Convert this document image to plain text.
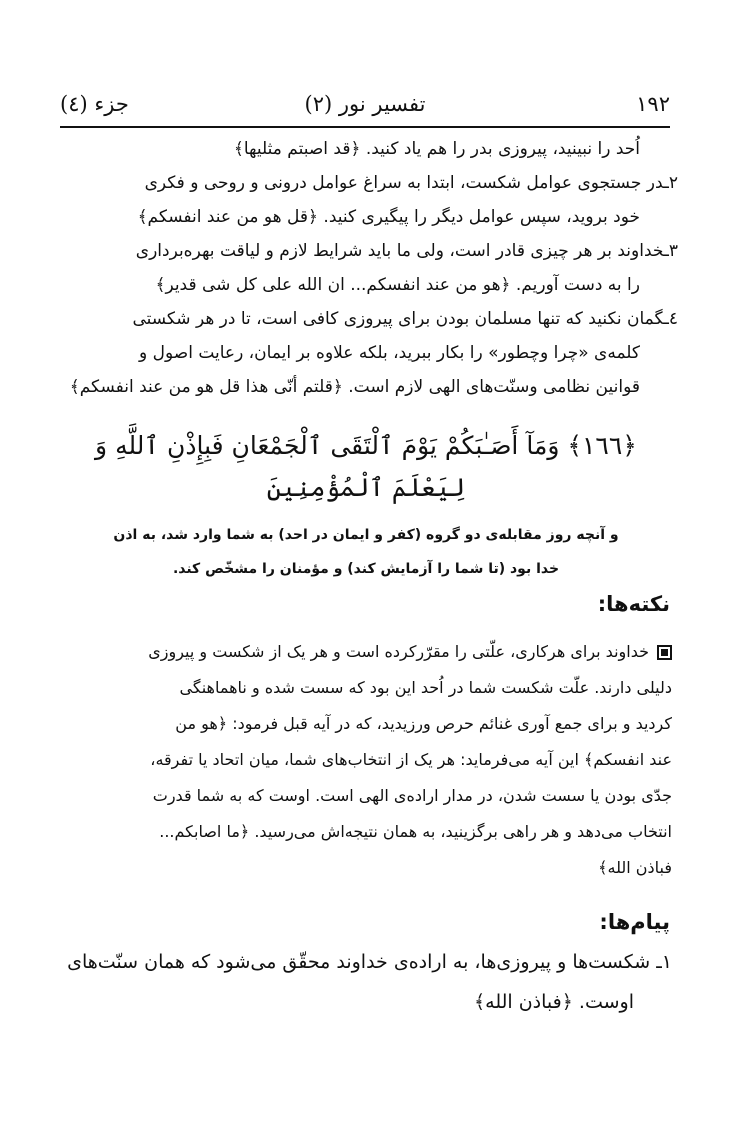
جزء (٤)	تفسیر نور (۲)	۱۹۲
اُحد را نبینید، پیروزی بدر را هم یاد کنید. ﴿قد اصبتم مثلیها﴾
۲ـدر جستجوی عوامل شکست، ابتدا به سراغ عوامل درونی و روحی و فکری
خود بروید، سپس عوامل دیگر را پیگیری کنید. ﴿قل هو من عند انفسکم﴾
۳ـخداوند بر هر چیزی قادر است، ولی ما باید شرایط لازم و لیاقت بهره‌برداری
را به دست آوریم. ﴿هو من عند انفسکم... ان الله علی کل شی قدیر﴾
٤ـگمان نکنید که تنها مسلمان بودن برای پیروزی کافی است، تا در هر شکستی
کلمه‌ی «چرا وچطور» را بکار ببرید، بلکه علاوه بر ایمان، رعایت اصول و
قوانین نظامی وسنّت‌های الهی لازم است. ﴿قلتم أنّی هذا قل هو من عند انفسکم﴾
﴿١٦٦﴾ وَمَآ أَصَـٰبَكُمْ يَوْمَ ٱلْتَقَى ٱلْجَمْعَانِ فَبِإِذْنِ ٱللَّهِ وَ
لِيَعْلَمَ ٱلْمُؤْمِنِينَ
و آنچه روز مقابله‌ی دو گروه (کفر و ایمان در احد) به شما وارد شد، به اذن
خدا بود (تا شما را آزمایش کند) و مؤمنان را مشخّص کند.
نکته‌ها:
خداوند برای هرکاری، علّتی را مقرّرکرده است و هر یک از شکست و پیروزی
دلیلی دارند. علّت شکست شما در اُحد این بود که سست شده و ناهماهنگی
کردید و برای جمع آوری غنائم حرص ورزیدید، که در آیه قبل فرمود: ﴿هو من
عند انفسکم﴾ این آیه می‌فرماید: هر یک از انتخاب‌های شما، میان اتحاد یا تفرقه،
جدّی بودن یا سست شدن، در مدار اراده‌ی الهی است. اوست که به شما قدرت
انتخاب می‌دهد و هر راهی برگزینید، به همان نتیجه‌اش می‌رسید. ﴿ما اصابکم...
فباذن الله﴾
پیام‌ها:
۱ـ شکست‌ها و پیروزی‌ها، به اراده‌ی خداوند محقّق می‌شود که همان سنّت‌های
اوست. ﴿فباذن الله﴾
